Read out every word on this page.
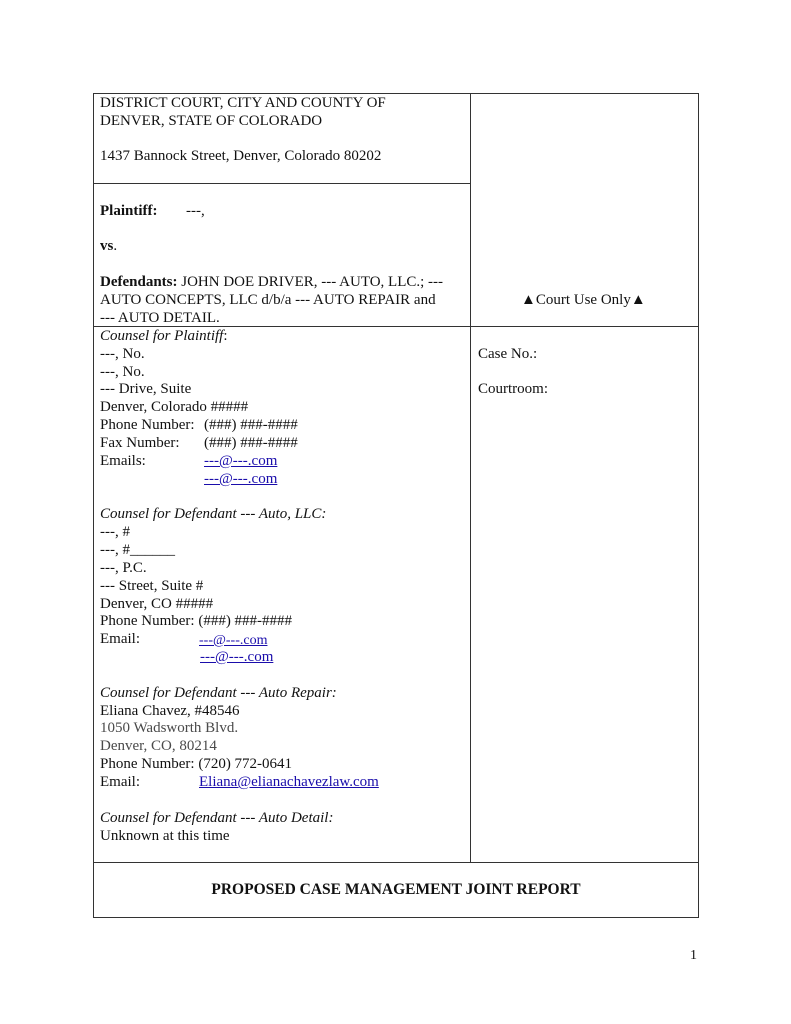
DISTRICT COURT, CITY AND COUNTY OF
DENVER, STATE OF COLORADO
1437 Bannock Street, Denver, Colorado 80202
Plaintiff: ---,
vs.
Defendants: JOHN DOE DRIVER, --- AUTO, LLC.; ---
AUTO CONCEPTS, LLC d/b/a --- AUTO REPAIR and
--- AUTO DETAIL.
▲Court Use Only▲
Case No.:
Courtroom:
Counsel for Plaintiff:
---, No.
---, No.
--- Drive, Suite
Denver, Colorado #####
Phone Number: (###) ###-####
Fax Number: (###) ###-####
Emails:	---@---.com
---@---.com
Counsel for Defendant --- Auto, LLC:
---, #
---, #______
---, P.C.
--- Street, Suite #
Denver, CO #####
Phone Number: (###) ###-####
Email:	---@---.com
---@---.com
Counsel for Defendant --- Auto Repair:
Eliana Chavez, #48546
1050 Wadsworth Blvd.
Denver, CO, 80214
Phone Number: (720) 772-0641
Email:	Eliana@elianachavezlaw.com
Counsel for Defendant --- Auto Detail:
Unknown at this time
PROPOSED CASE MANAGEMENT JOINT REPORT
1
